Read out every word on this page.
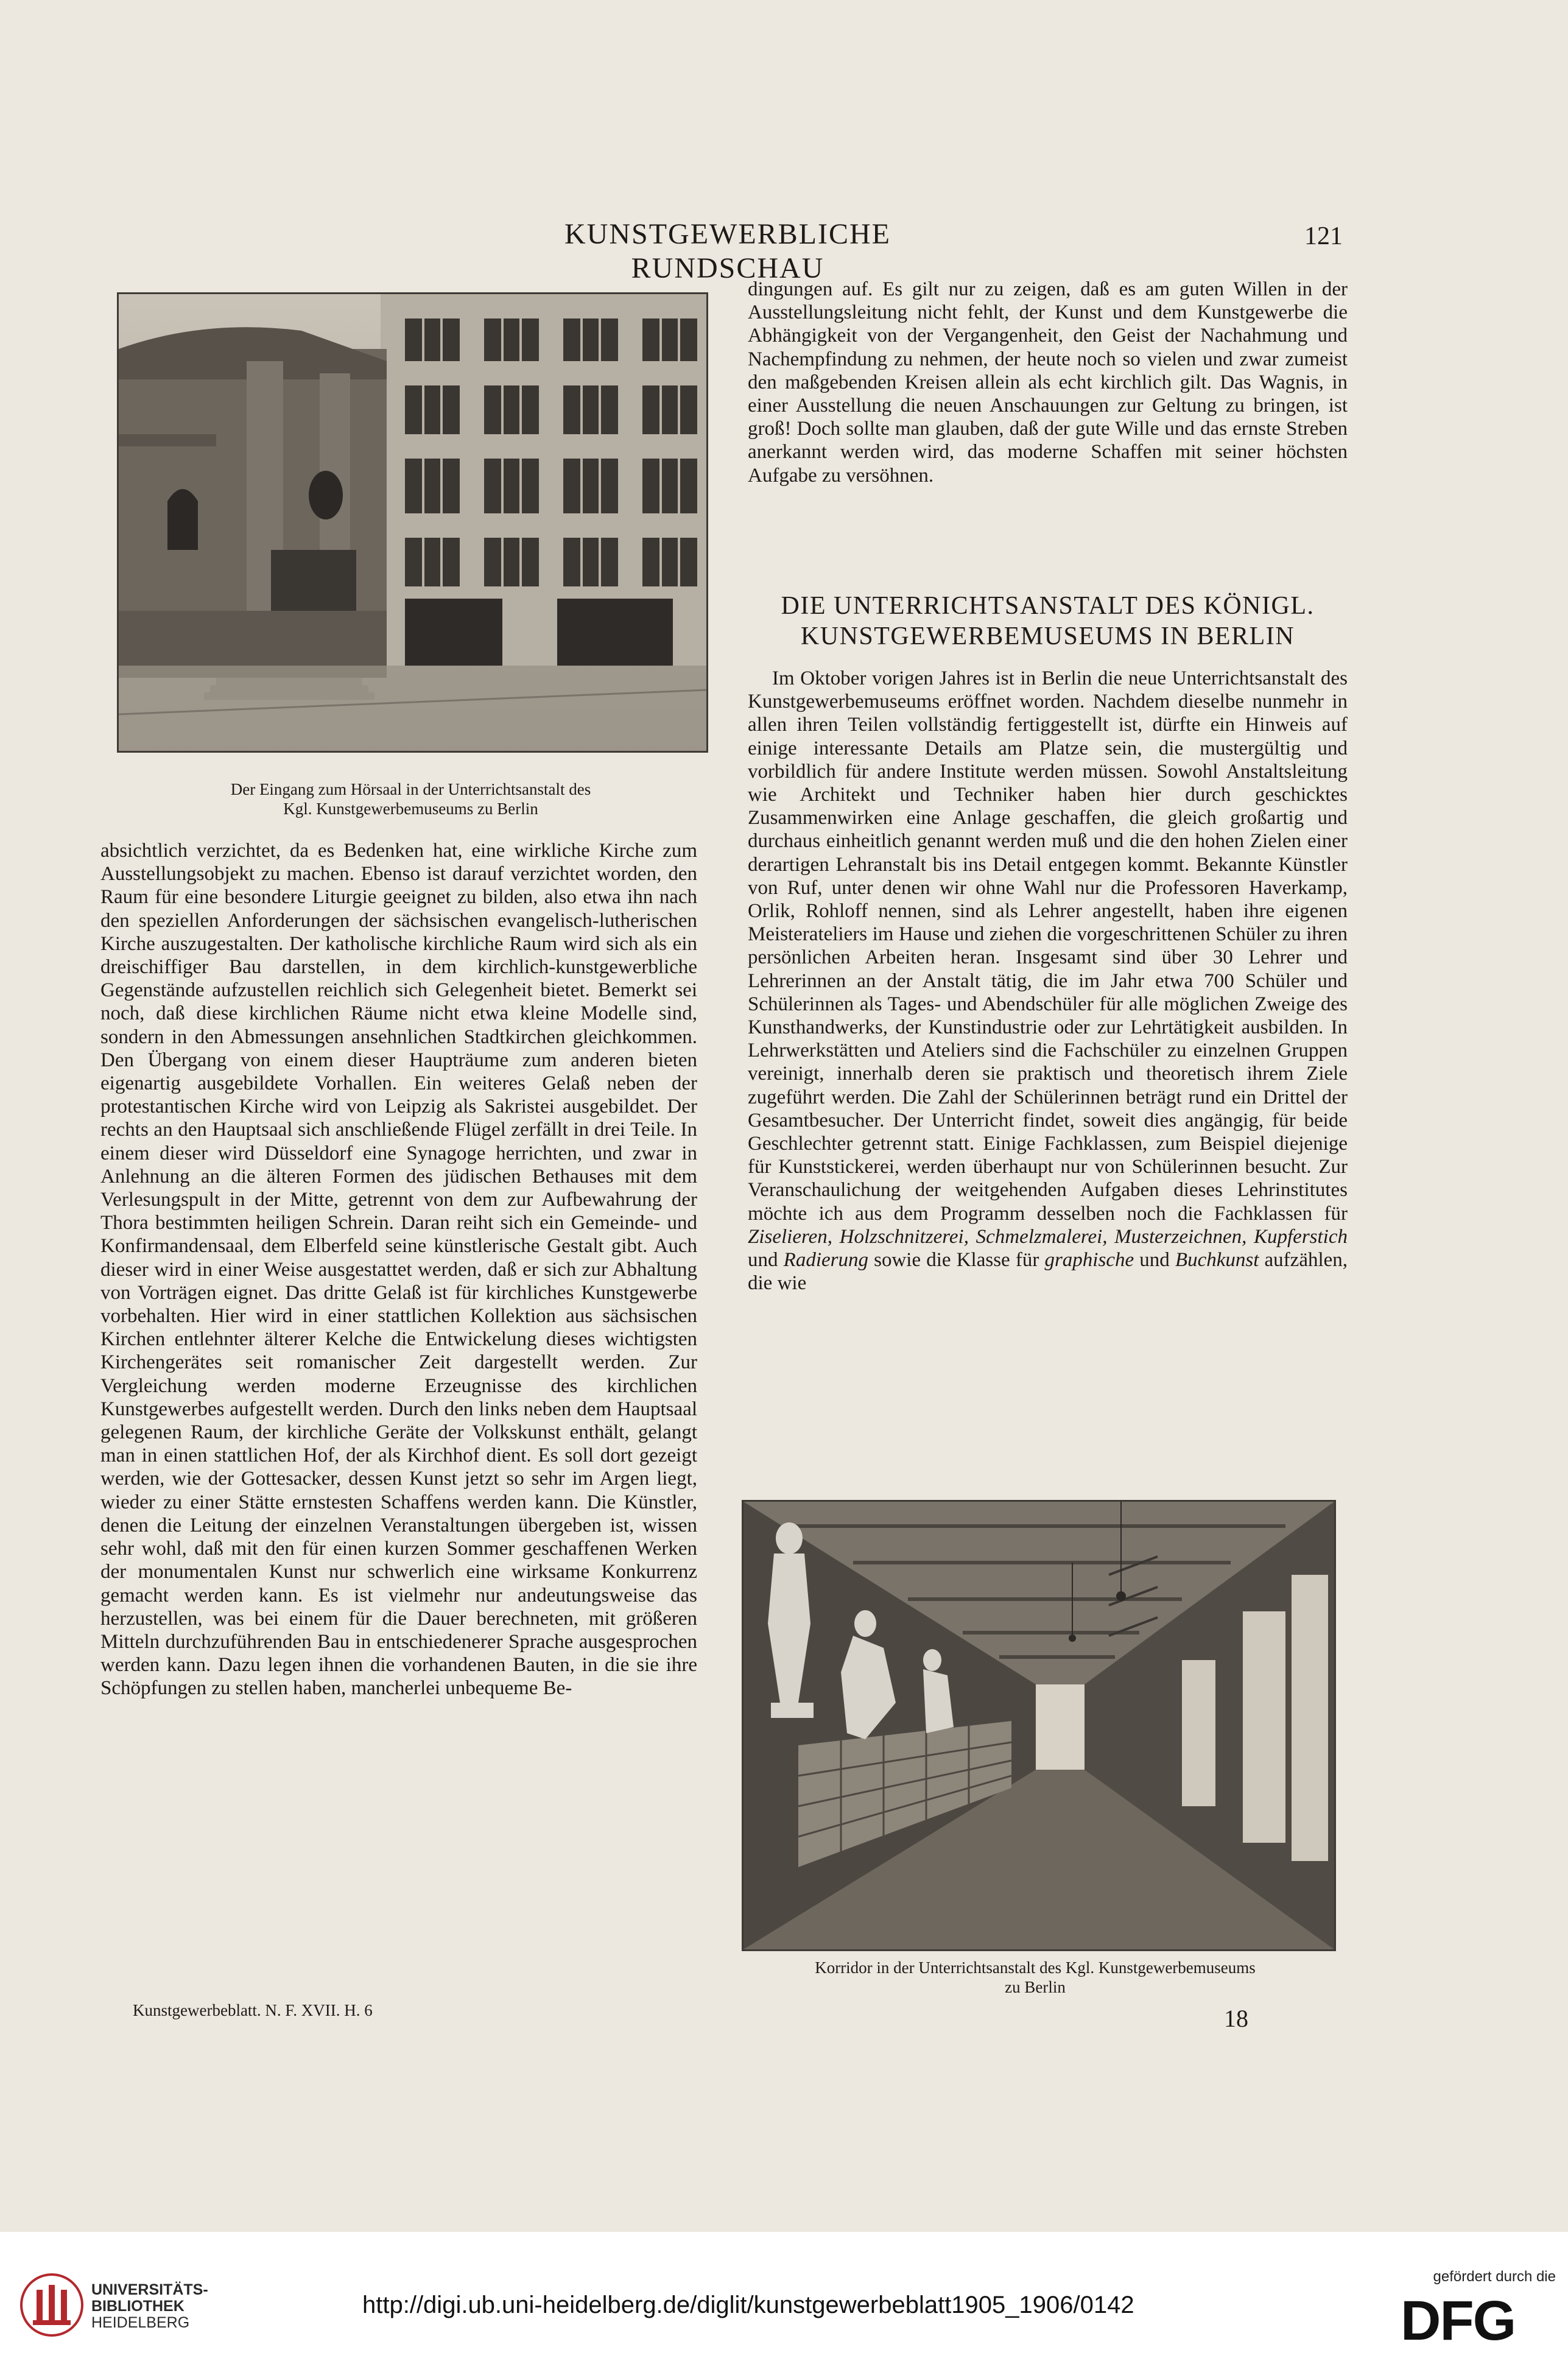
KUNSTGEWERBLICHE RUNDSCHAU
121
Der Eingang zum Hörsaal in der Unterrichtsanstalt des
Kgl. Kunstgewerbemuseums zu Berlin

absichtlich verzichtet, da es Bedenken hat, eine wirkliche Kirche zum Ausstellungsobjekt zu machen. Ebenso ist darauf verzichtet worden, den Raum für eine besondere Liturgie geeignet zu bilden, also etwa ihn nach den speziellen Anforderungen der sächsischen evangelisch-lutherischen Kirche auszugestalten. Der katholische kirchliche Raum wird sich als ein dreischiffiger Bau darstellen, in dem kirchlich-kunstgewerbliche Gegenstände aufzustellen reichlich sich Gelegenheit bietet. Bemerkt sei noch, daß diese kirchlichen Räume nicht etwa kleine Modelle sind, sondern in den Abmessungen ansehnlichen Stadtkirchen gleichkommen. Den Übergang von einem dieser Haupträume zum anderen bieten eigenartig ausgebildete Vorhallen. Ein weiteres Gelaß neben der protestantischen Kirche wird von Leipzig als Sakristei ausgebildet. Der rechts an den Hauptsaal sich anschließende Flügel zerfällt in drei Teile. In einem dieser wird Düsseldorf eine Synagoge herrichten, und zwar in Anlehnung an die älteren Formen des jüdischen Bethauses mit dem Verlesungspult in der Mitte, getrennt von dem zur Aufbewahrung der Thora bestimmten heiligen Schrein. Daran reiht sich ein Gemeinde- und Konfirmandensaal, dem Elberfeld seine künstlerische Gestalt gibt. Auch dieser wird in einer Weise ausgestattet werden, daß er sich zur Abhaltung von Vorträgen eignet. Das dritte Gelaß ist für kirchliches Kunstgewerbe vorbehalten. Hier wird in einer stattlichen Kollektion aus sächsischen Kirchen entlehnter älterer Kelche die Entwickelung dieses wichtigsten Kirchengerätes seit romanischer Zeit dargestellt werden. Zur Vergleichung werden moderne Erzeugnisse des kirchlichen Kunstgewerbes aufgestellt werden. Durch den links neben dem Hauptsaal gelegenen Raum, der kirchliche Geräte der Volkskunst enthält, gelangt man in einen stattlichen Hof, der als Kirchhof dient. Es soll dort gezeigt werden, wie der Gottesacker, dessen Kunst jetzt so sehr im Argen liegt, wieder zu einer Stätte ernstesten Schaffens werden kann. Die Künstler, denen die Leitung der einzelnen Veranstaltungen übergeben ist, wissen sehr wohl, daß mit den für einen kurzen Sommer geschaffenen Werken der monumentalen Kunst nur schwerlich eine wirksame Konkurrenz gemacht werden kann. Es ist vielmehr nur andeutungsweise das herzustellen, was bei einem für die Dauer berechneten, mit größeren Mitteln durchzuführenden Bau in entschiedenerer Sprache ausgesprochen werden kann. Dazu legen ihnen die vorhandenen Bauten, in die sie ihre Schöpfungen zu stellen haben, mancherlei unbequeme Be-

dingungen auf. Es gilt nur zu zeigen, daß es am guten Willen in der Ausstellungsleitung nicht fehlt, der Kunst und dem Kunstgewerbe die Abhängigkeit von der Vergangenheit, den Geist der Nachahmung und Nachempfindung zu nehmen, der heute noch so vielen und zwar zumeist den maßgebenden Kreisen allein als echt kirchlich gilt. Das Wagnis, in einer Ausstellung die neuen Anschauungen zur Geltung zu bringen, ist groß! Doch sollte man glauben, daß der gute Wille und das ernste Streben anerkannt werden wird, das moderne Schaffen mit seiner höchsten Aufgabe zu versöhnen.

DIE UNTERRICHTSANSTALT DES KÖNIGL.
KUNSTGEWERBEMUSEUMS IN BERLIN

Im Oktober vorigen Jahres ist in Berlin die neue Unterrichtsanstalt des Kunstgewerbemuseums eröffnet worden. Nachdem dieselbe nunmehr in allen ihren Teilen vollständig fertiggestellt ist, dürfte ein Hinweis auf einige interessante Details am Platze sein, die mustergültig und vorbildlich für andere Institute werden müssen. Sowohl Anstaltsleitung wie Architekt und Techniker haben hier durch geschicktes Zusammenwirken eine Anlage geschaffen, die gleich großartig und durchaus einheitlich genannt werden muß und die den hohen Zielen einer derartigen Lehranstalt bis ins Detail entgegen kommt. Bekannte Künstler von Ruf, unter denen wir ohne Wahl nur die Professoren Haverkamp, Orlik, Rohloff nennen, sind als Lehrer angestellt, haben ihre eigenen Meisterateliers im Hause und ziehen die vorgeschrittenen Schüler zu ihren persönlichen Arbeiten heran. Insgesamt sind über 30 Lehrer und Lehrerinnen an der Anstalt tätig, die im Jahr etwa 700 Schüler und Schülerinnen als Tages- und Abendschüler für alle möglichen Zweige des Kunsthandwerks, der Kunstindustrie oder zur Lehrtätigkeit ausbilden. In Lehrwerkstätten und Ateliers sind die Fachschüler zu einzelnen Gruppen vereinigt, innerhalb deren sie praktisch und theoretisch ihrem Ziele zugeführt werden. Die Zahl der Schülerinnen beträgt rund ein Drittel der Gesamtbesucher. Der Unterricht findet, soweit dies angängig, für beide Geschlechter getrennt statt. Einige Fachklassen, zum Beispiel diejenige für Kunststickerei, werden überhaupt nur von Schülerinnen besucht. Zur Veranschaulichung der weitgehenden Aufgaben dieses Lehrinstitutes möchte ich aus dem Programm desselben noch die Fachklassen für Ziselieren, Holzschnitzerei, Schmelzmalerei, Musterzeichnen, Kupferstich und Radierung sowie die Klasse für graphische und Buchkunst aufzählen, die wie

Korridor in der Unterrichtsanstalt des Kgl. Kunstgewerbemuseums
zu Berlin
Kunstgewerbeblatt. N. F. XVII. H. 6	18
UNIVERSITÄTS-
BIBLIOTHEK
HEIDELBERG
http://digi.ub.uni-heidelberg.de/diglit/kunstgewerbeblatt1905_1906/0142
gefördert durch die
DFG
